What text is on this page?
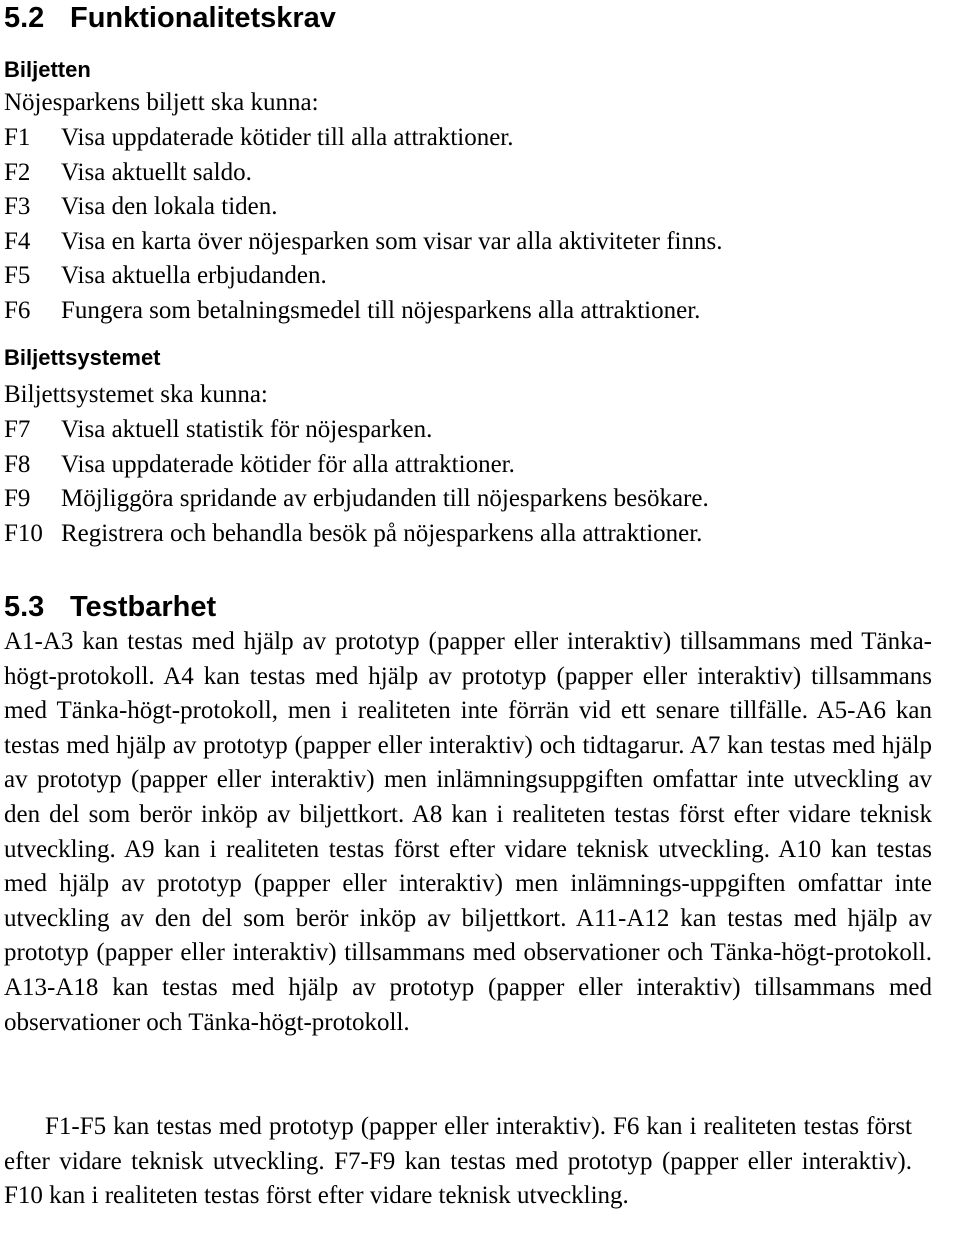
5.2 Funktionalitetskrav
Biljetten

Nöjesparkens biljett ska kunna:

F1	Visa uppdaterade kötider till alla attraktioner.
F2	Visa aktuellt saldo.
F3	Visa den lokala tiden.
F4	Visa en karta över nöjesparken som visar var alla aktiviteter finns.
F5	Visa aktuella erbjudanden.
F6	Fungera som betalningsmedel till nöjesparkens alla attraktioner.
Biljettsystemet

Biljettsystemet ska kunna:

F7	Visa aktuell statistik för nöjesparken.
F8	Visa uppdaterade kötider för alla attraktioner.
F9	Möjliggöra spridande av erbjudanden till nöjesparkens besökare.
F10 Registrera och behandla besök på nöjesparkens alla attraktioner.
5.3 Testbarhet

A1-A3 kan testas med hjälp av prototyp (papper eller interaktiv) tillsammans med Tänka-högt-protokoll. A4 kan testas med hjälp av prototyp (papper eller interaktiv) tillsammans med Tänka-högt-protokoll, men i realiteten inte förrän vid ett senare tillfälle. A5-A6 kan testas med hjälp av prototyp (papper eller interaktiv) och tidtagarur. A7 kan testas med hjälp av prototyp (papper eller interaktiv) men inlämningsuppgiften omfattar inte utveckling av den del som berör inköp av biljettkort. A8 kan i realiteten testas först efter vidare teknisk utveckling. A9 kan i realiteten testas först efter vidare teknisk utveckling. A10 kan testas med hjälp av prototyp (papper eller interaktiv) men inlämnings-uppgiften omfattar inte utveckling av den del som berör inköp av biljettkort. A11-A12 kan testas med hjälp av prototyp (papper eller interaktiv) tillsammans med observationer och Tänka-högt-protokoll. A13-A18 kan testas med hjälp av prototyp (papper eller interaktiv) tillsammans med observationer och Tänka-högt-protokoll.

F1-F5 kan testas med prototyp (papper eller interaktiv). F6 kan i realiteten testas först efter vidare teknisk utveckling. F7-F9 kan testas med prototyp (papper eller interaktiv). F10 kan i realiteten testas först efter vidare teknisk utveckling.
